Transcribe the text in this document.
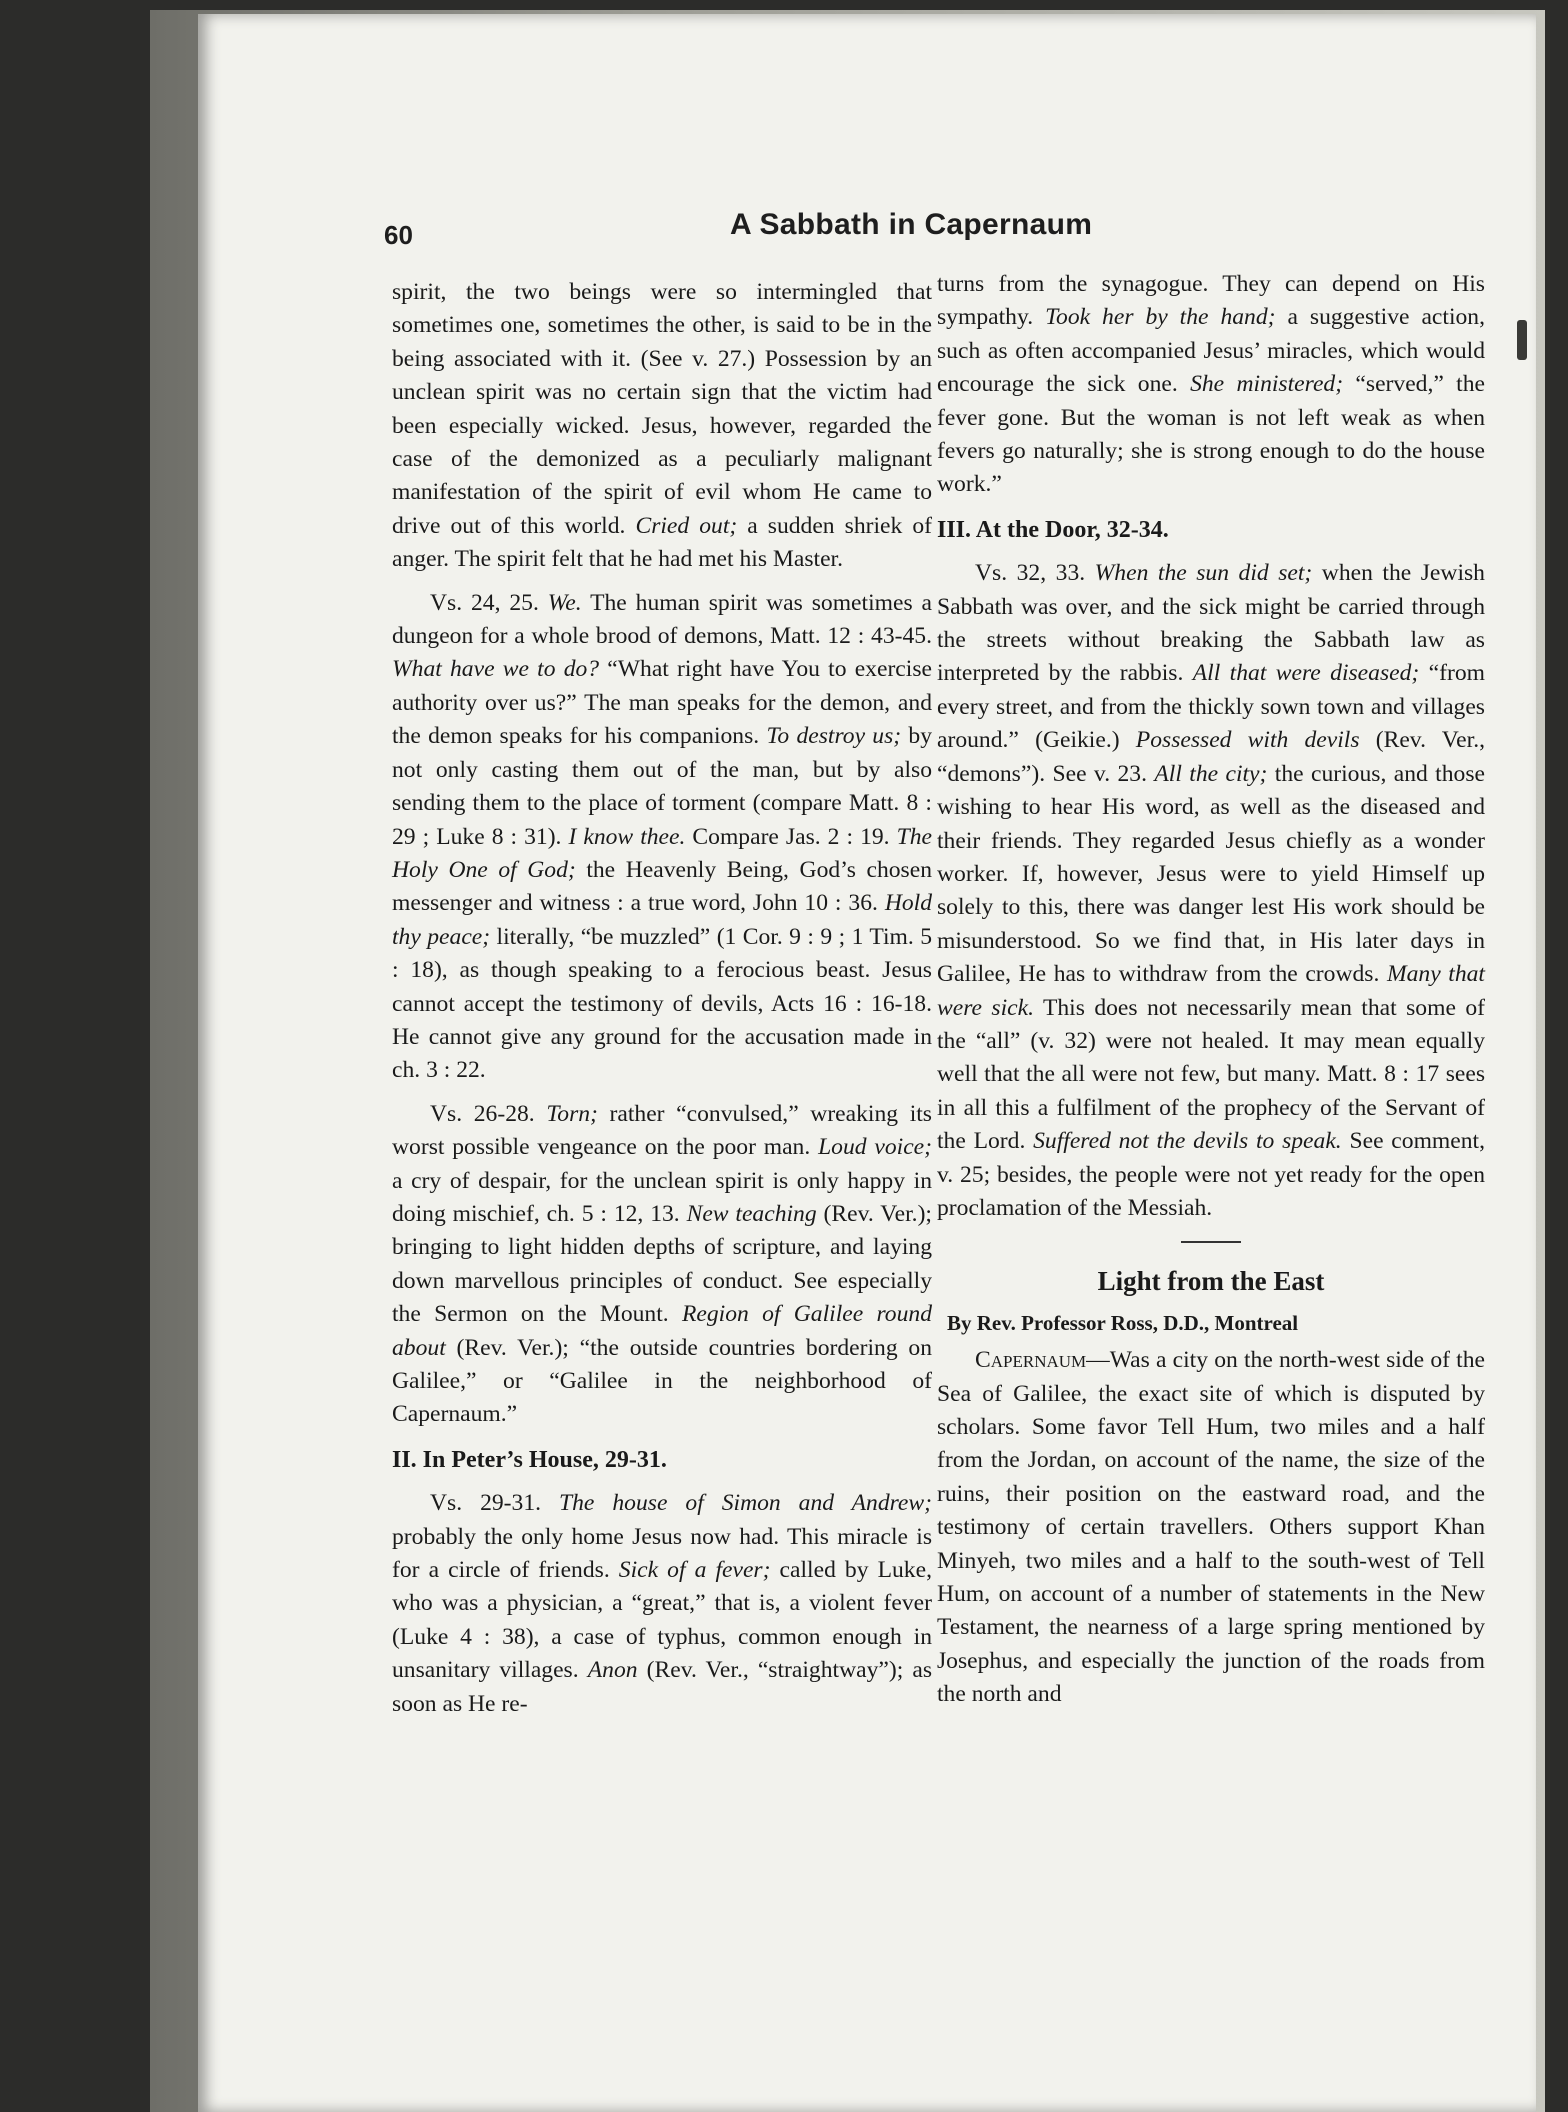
60	A Sabbath in Capernaum

spirit, the two beings were so intermingled that sometimes one, sometimes the other, is said to be in the being associated with it. (See v. 27.) Possession by an unclean spirit was no certain sign that the victim had been especially wicked. Jesus, however, regarded the case of the demonized as a peculiarly malignant manifestation of the spirit of evil whom He came to drive out of this world. Cried out; a sudden shriek of anger. The spirit felt that he had met his Master.

Vs. 24, 25. We. The human spirit was sometimes a dungeon for a whole brood of demons, Matt. 12 : 43-45. What have we to do? “What right have You to exercise authority over us?” The man speaks for the demon, and the demon speaks for his companions. To destroy us; by not only casting them out of the man, but by also sending them to the place of torment (compare Matt. 8 : 29 ; Luke 8 : 31). I know thee. Compare Jas. 2 : 19. The Holy One of God; the Heavenly Being, God’s chosen messenger and witness : a true word, John 10 : 36. Hold thy peace; literally, “be muzzled” (1 Cor. 9 : 9 ; 1 Tim. 5 : 18), as though speaking to a ferocious beast. Jesus cannot accept the testimony of devils, Acts 16 : 16-18. He cannot give any ground for the accusation made in ch. 3 : 22.

Vs. 26-28. Torn; rather “convulsed,” wreaking its worst possible vengeance on the poor man. Loud voice; a cry of despair, for the unclean spirit is only happy in doing mischief, ch. 5 : 12, 13. New teaching (Rev. Ver.); bringing to light hidden depths of scripture, and laying down marvellous principles of conduct. See especially the Sermon on the Mount. Region of Galilee round about (Rev. Ver.); “the outside countries bordering on Galilee,” or “Galilee in the neighborhood of Capernaum.”

II. In Peter’s House, 29-31.

Vs. 29-31. The house of Simon and Andrew; probably the only home Jesus now had. This miracle is for a circle of friends. Sick of a fever; called by Luke, who was a physician, a “great,” that is, a violent fever (Luke 4 : 38), a case of typhus, common enough in unsanitary villages. Anon (Rev. Ver., “straightway”); as soon as He re-

turns from the synagogue. They can depend on His sympathy. Took her by the hand; a suggestive action, such as often accompanied Jesus’ miracles, which would encourage the sick one. She ministered; “served,” the fever gone. But the woman is not left weak as when fevers go naturally; she is strong enough to do the house work.”

III. At the Door, 32-34.

Vs. 32, 33. When the sun did set; when the Jewish Sabbath was over, and the sick might be carried through the streets without breaking the Sabbath law as interpreted by the rabbis. All that were diseased; “from every street, and from the thickly sown town and villages around.” (Geikie.) Possessed with devils (Rev. Ver., “demons”). See v. 23. All the city; the curious, and those wishing to hear His word, as well as the diseased and their friends. They regarded Jesus chiefly as a wonder worker. If, however, Jesus were to yield Himself up solely to this, there was danger lest His work should be misunderstood. So we find that, in His later days in Galilee, He has to withdraw from the crowds. Many that were sick. This does not necessarily mean that some of the “all” (v. 32) were not healed. It may mean equally well that the all were not few, but many. Matt. 8 : 17 sees in all this a fulfilment of the prophecy of the Servant of the Lord. Suffered not the devils to speak. See comment, v. 25; besides, the people were not yet ready for the open proclamation of the Messiah.

Light from the East
By Rev. Professor Ross, D.D., Montreal

Capernaum—Was a city on the north-west side of the Sea of Galilee, the exact site of which is disputed by scholars. Some favor Tell Hum, two miles and a half from the Jordan, on account of the name, the size of the ruins, their position on the eastward road, and the testimony of certain travellers. Others support Khan Minyeh, two miles and a half to the south-west of Tell Hum, on account of a number of statements in the New Testament, the nearness of a large spring mentioned by Josephus, and especially the junction of the roads from the north and
